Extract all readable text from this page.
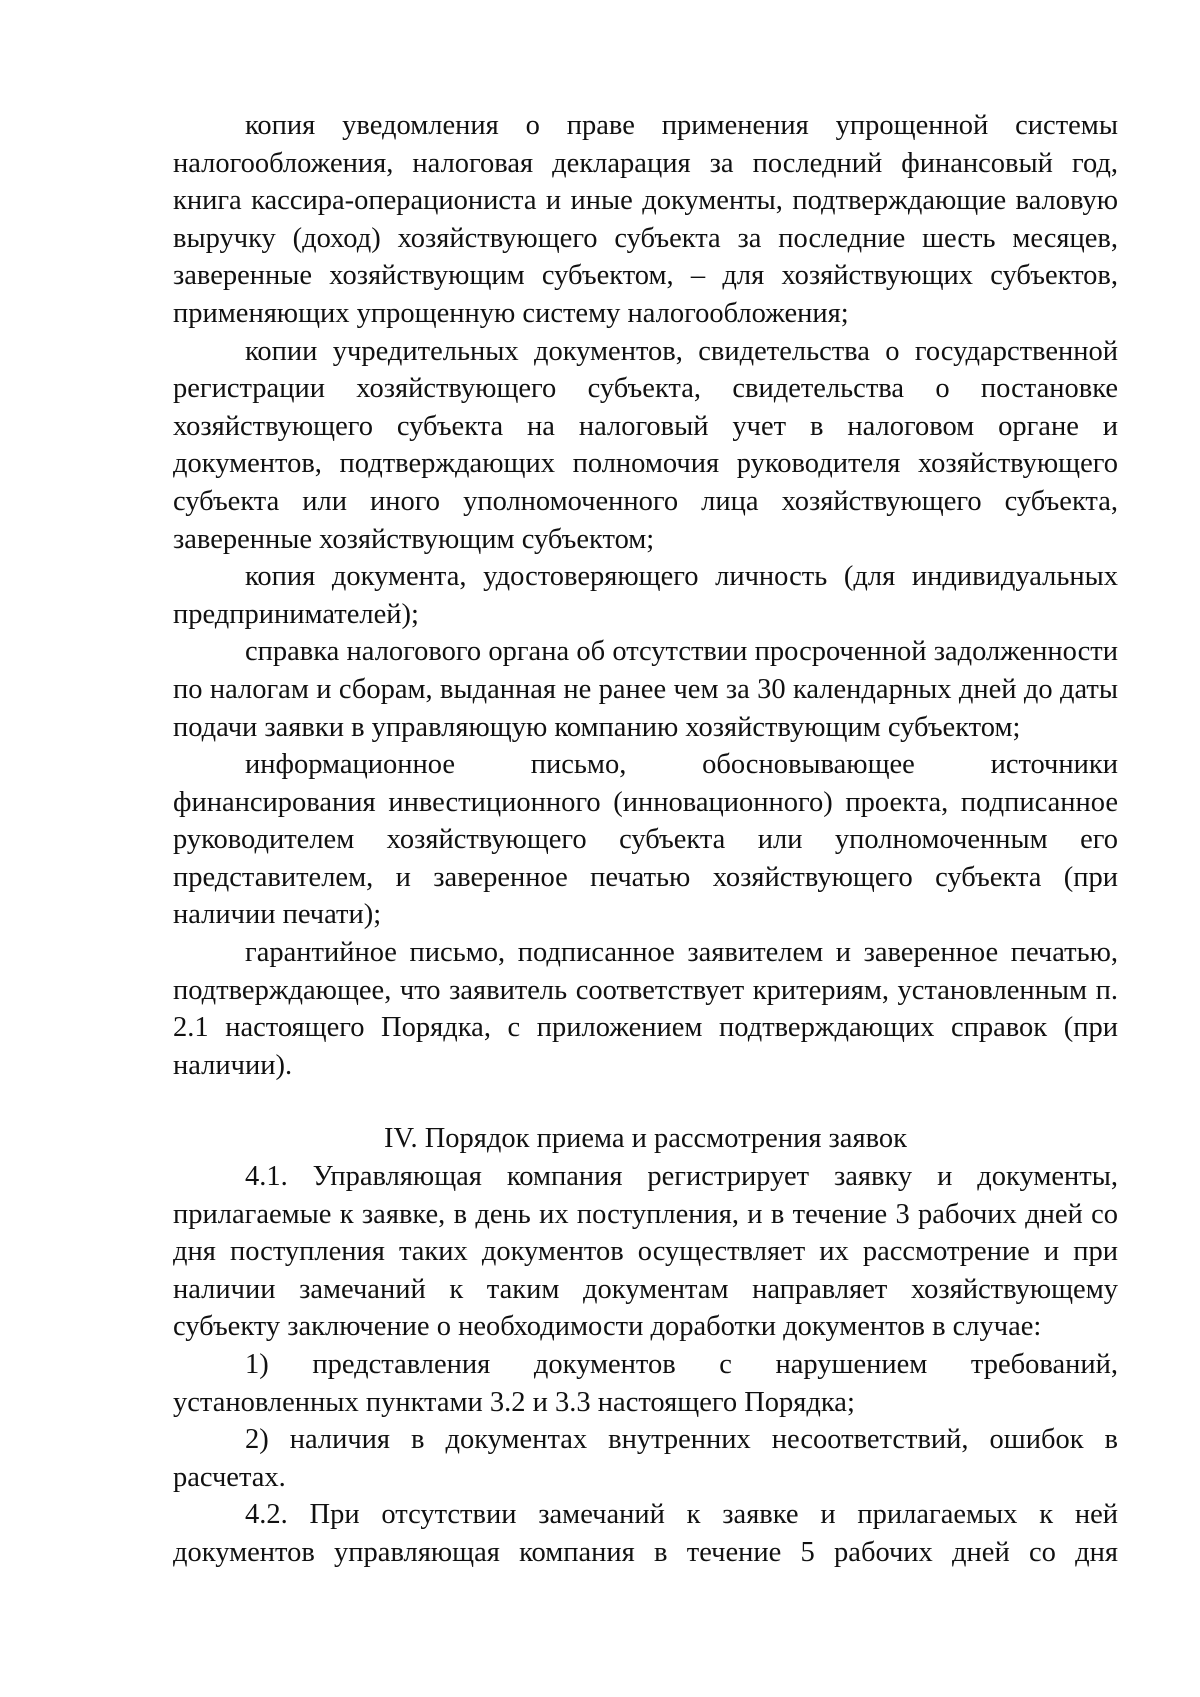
копия уведомления о праве применения упрощенной системы налогообложения, налоговая декларация за последний финансовый год, книга кассира-операциониста и иные документы, подтверждающие валовую выручку (доход) хозяйствующего субъекта за последние шесть месяцев, заверенные хозяйствующим субъектом, – для хозяйствующих субъектов, применяющих упрощенную систему налогообложения;

копии учредительных документов, свидетельства о государственной регистрации хозяйствующего субъекта, свидетельства о постановке хозяйствующего субъекта на налоговый учет в налоговом органе и документов, подтверждающих полномочия руководителя хозяйствующего субъекта или иного уполномоченного лица хозяйствующего субъекта, заверенные хозяйствующим субъектом;

копия документа, удостоверяющего личность (для индивидуальных предпринимателей);

справка налогового органа об отсутствии просроченной задолженности по налогам и сборам, выданная не ранее чем за 30 календарных дней до даты подачи заявки в управляющую компанию хозяйствующим субъектом;

информационное письмо, обосновывающее источники финансирования инвестиционного (инновационного) проекта, подписанное руководителем хозяйствующего субъекта или уполномоченным его представителем, и заверенное печатью хозяйствующего субъекта (при наличии печати);

гарантийное письмо, подписанное заявителем и заверенное печатью, подтверждающее, что заявитель соответствует критериям, установленным п. 2.1 настоящего Порядка, с приложением подтверждающих справок (при наличии).

IV. Порядок приема и рассмотрения заявок

4.1. Управляющая компания регистрирует заявку и документы, прилагаемые к заявке, в день их поступления, и в течение 3 рабочих дней со дня поступления таких документов осуществляет их рассмотрение и при наличии замечаний к таким документам направляет хозяйствующему субъекту заключение о необходимости доработки документов в случае:

1) представления документов с нарушением требований, установленных пунктами 3.2 и 3.3 настоящего Порядка;

2) наличия в документах внутренних несоответствий, ошибок в расчетах.

4.2. При отсутствии замечаний к заявке и прилагаемых к ней документов управляющая компания в течение 5 рабочих дней со дня
